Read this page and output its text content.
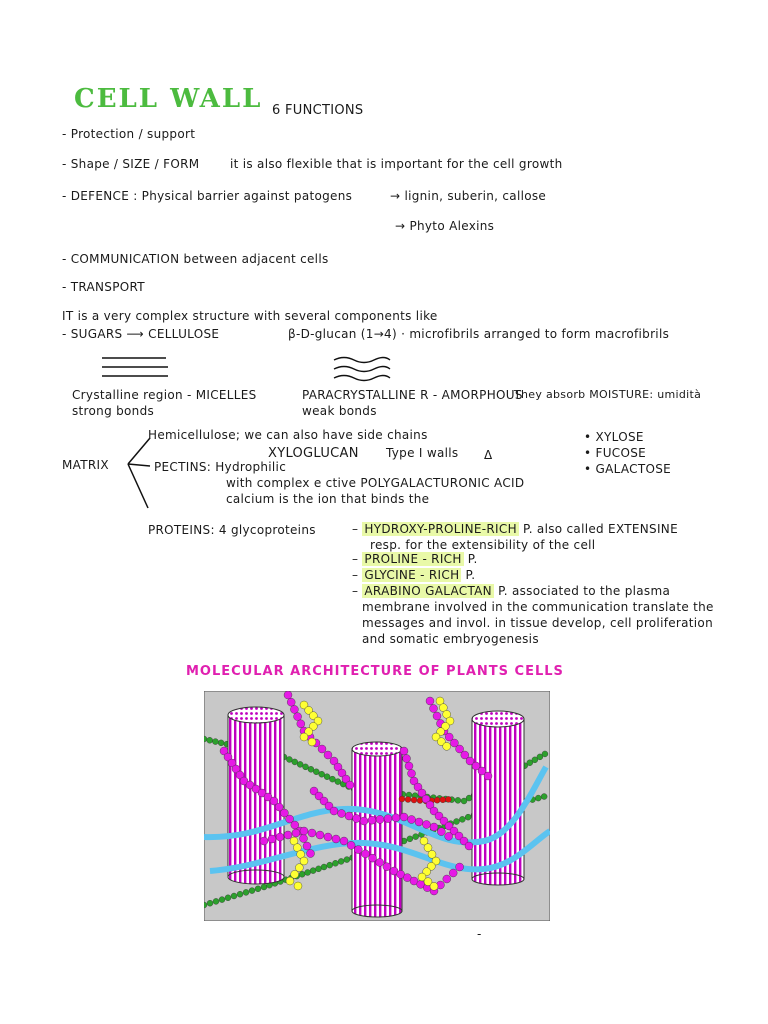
CELL WALL 6 FUNCTIONS
- Protection / support
- Shape / SIZE / FORM	it is also flexible that is important for the cell growth
- DEFENCE : Physical barrier against patogens	→ lignin, suberin, callose
→ Phyto Alexins
- COMMUNICATION between adjacent cells
- TRANSPORT
IT is a very complex structure with several components like
- SUGARS ⟶ CELLULOSE	β-D-glucan (1→4) · microfibrils arranged to form macrofibrils
Crystalline region - MICELLES
strong bonds
PARACRYSTALLINE R - AMORPHOUS
They absorb MOISTURE: umidità
weak bonds
MATRIX
Hemicellulose; we can also have side chains
XYLOGLUCAN Type I walls Δ
• XYLOSE
• FUCOSE
• GALACTOSE
PECTINS: Hydrophilic
with complex e ctive POLYGALACTURONIC ACID
calcium is the ion that binds the
PROTEINS: 4 glycoproteins	– HYDROXY-PROLINE-RICH P. also called EXTENSINE
resp. for the extensibility of the cell
– PROLINE - RICH P.
– GLYCINE - RICH P.
– ARABINO GALACTAN P. associated to the plasma
membrane involved in the communication translate the
messages and invol. in tissue develop, cell proliferation
and somatic embryogenesis
MOLECULAR ARCHITECTURE OF PLANTS CELLS
-
